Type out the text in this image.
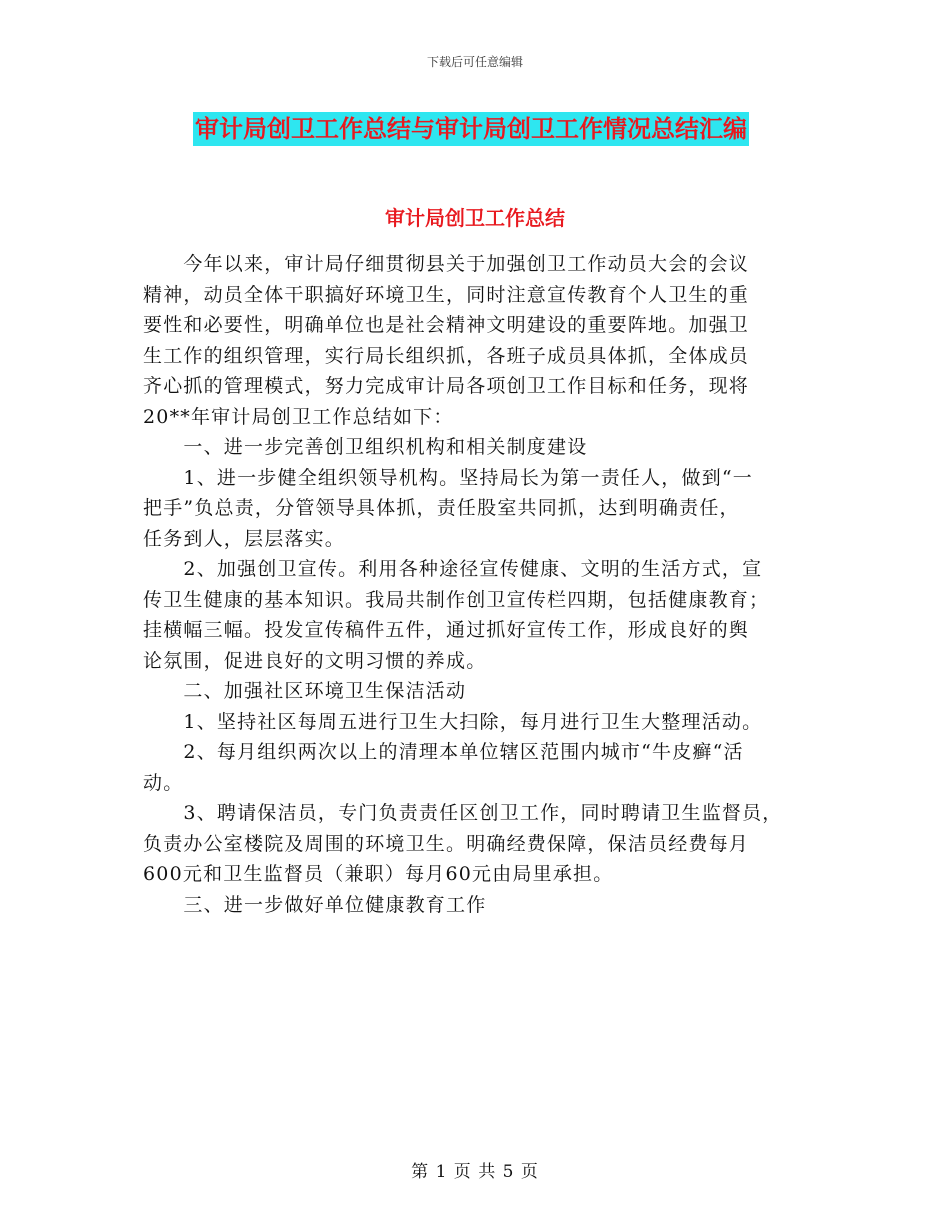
下载后可任意编辑
审计局创卫工作总结与审计局创卫工作情况总结汇编
审计局创卫工作总结
　　今年以来，审计局仔细贯彻县关于加强创卫工作动员大会的会议
精神，动员全体干职搞好环境卫生，同时注意宣传教育个人卫生的重
要性和必要性，明确单位也是社会精神文明建设的重要阵地。加强卫
生工作的组织管理，实行局长组织抓，各班子成员具体抓，全体成员
齐心抓的管理模式，努力完成审计局各项创卫工作目标和任务，现将
20**年审计局创卫工作总结如下：
　　一、进一步完善创卫组织机构和相关制度建设
　　1、进一步健全组织领导机构。坚持局长为第一责任人，做到“一
把手”负总责，分管领导具体抓，责任股室共同抓，达到明确责任，
任务到人，层层落实。
　　2、加强创卫宣传。利用各种途径宣传健康、文明的生活方式，宣
传卫生健康的基本知识。我局共制作创卫宣传栏四期，包括健康教育；
挂横幅三幅。投发宣传稿件五件，通过抓好宣传工作，形成良好的舆
论氛围，促进良好的文明习惯的养成。
　　二、加强社区环境卫生保洁活动
　　1、坚持社区每周五进行卫生大扫除，每月进行卫生大整理活动。
　　2、每月组织两次以上的清理本单位辖区范围内城市“牛皮癣“活
动。
　　3、聘请保洁员，专门负责责任区创卫工作，同时聘请卫生监督员，
负责办公室楼院及周围的环境卫生。明确经费保障，保洁员经费每月
600元和卫生监督员（兼职）每月60元由局里承担。
　　三、进一步做好单位健康教育工作
第 1 页 共 5 页
